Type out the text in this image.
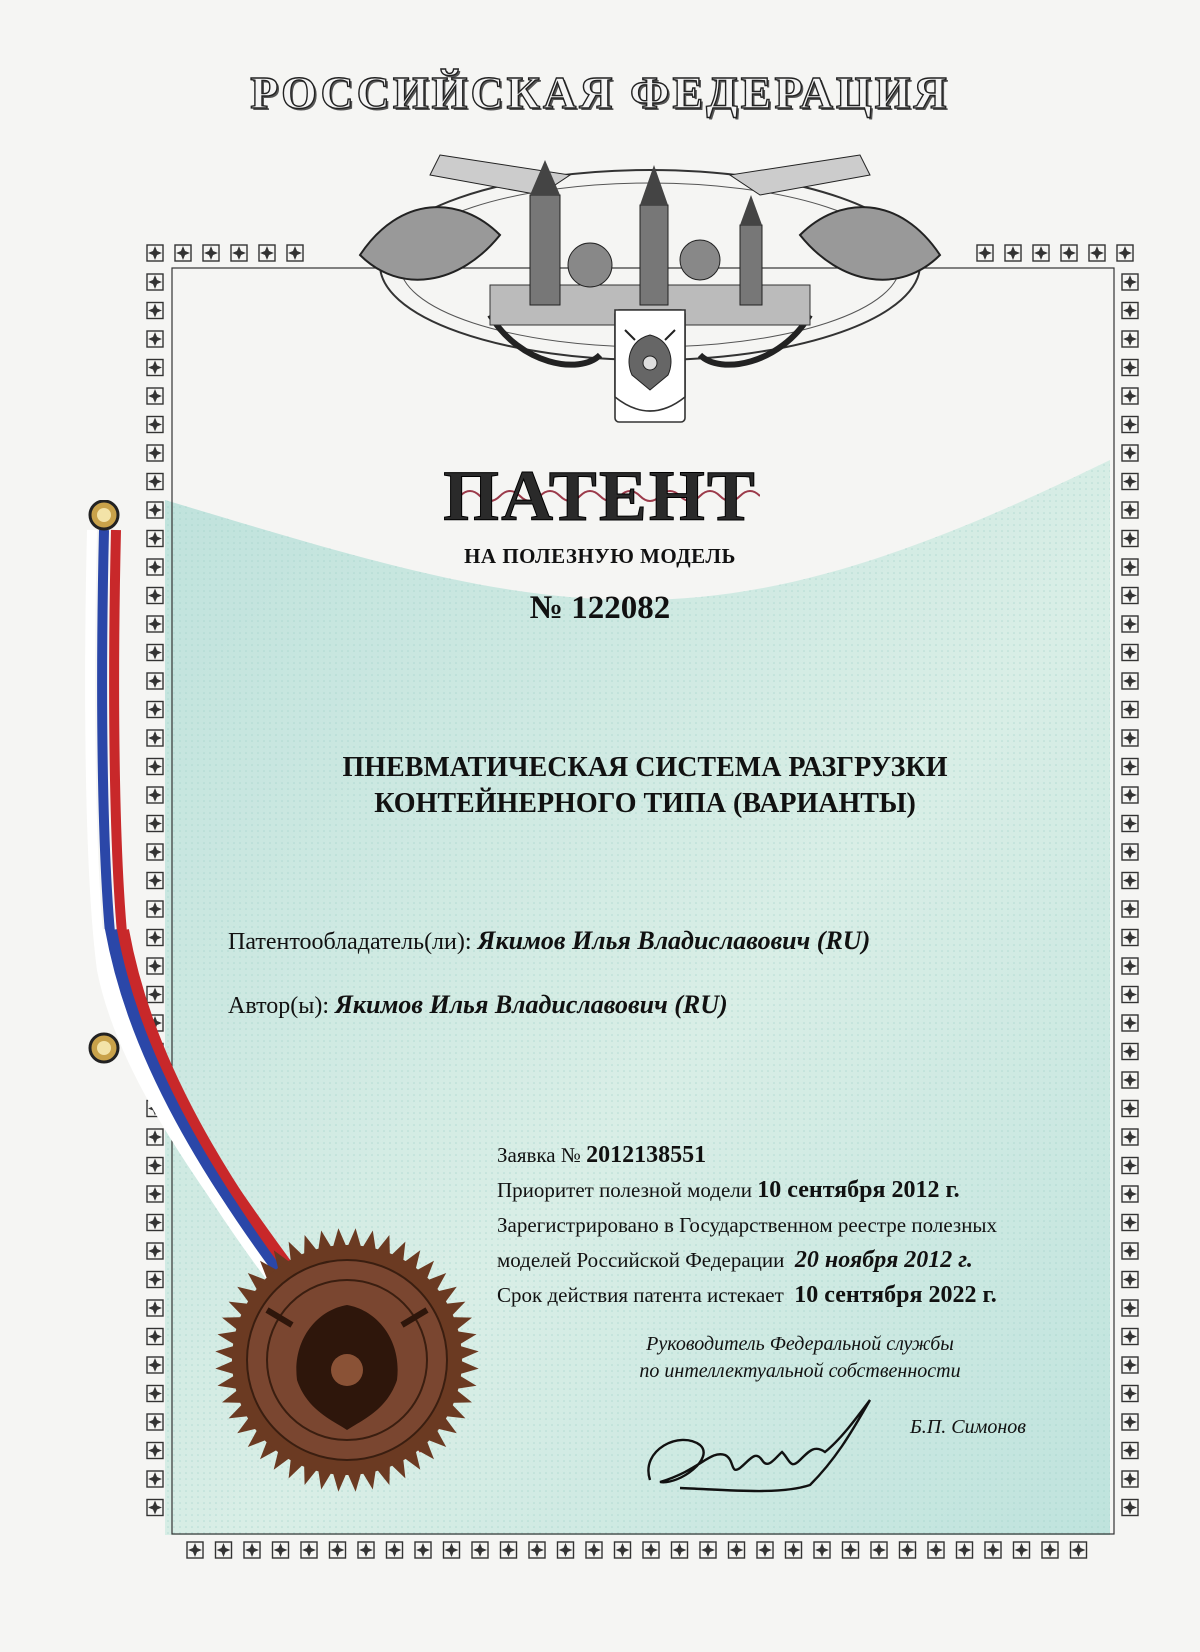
РОССИЙСКАЯ ФЕДЕРАЦИЯ
ПАТЕНТ
НА ПОЛЕЗНУЮ МОДЕЛЬ
№ 122082
ПНЕВМАТИЧЕСКАЯ СИСТЕМА РАЗГРУЗКИ
КОНТЕЙНЕРНОГО ТИПА (ВАРИАНТЫ)
Патентообладатель(ли): Якимов Илья Владиславович (RU)
Автор(ы): Якимов Илья Владиславович (RU)
Заявка № 2012138551
Приоритет полезной модели 10 сентября 2012 г.
Зарегистрировано в Государственном реестре полезных
моделей Российской Федерации 20 ноября 2012 г.
Срок действия патента истекает 10 сентября 2022 г.
Руководитель Федеральной службы
по интеллектуальной собственности
Б.П. Симонов
